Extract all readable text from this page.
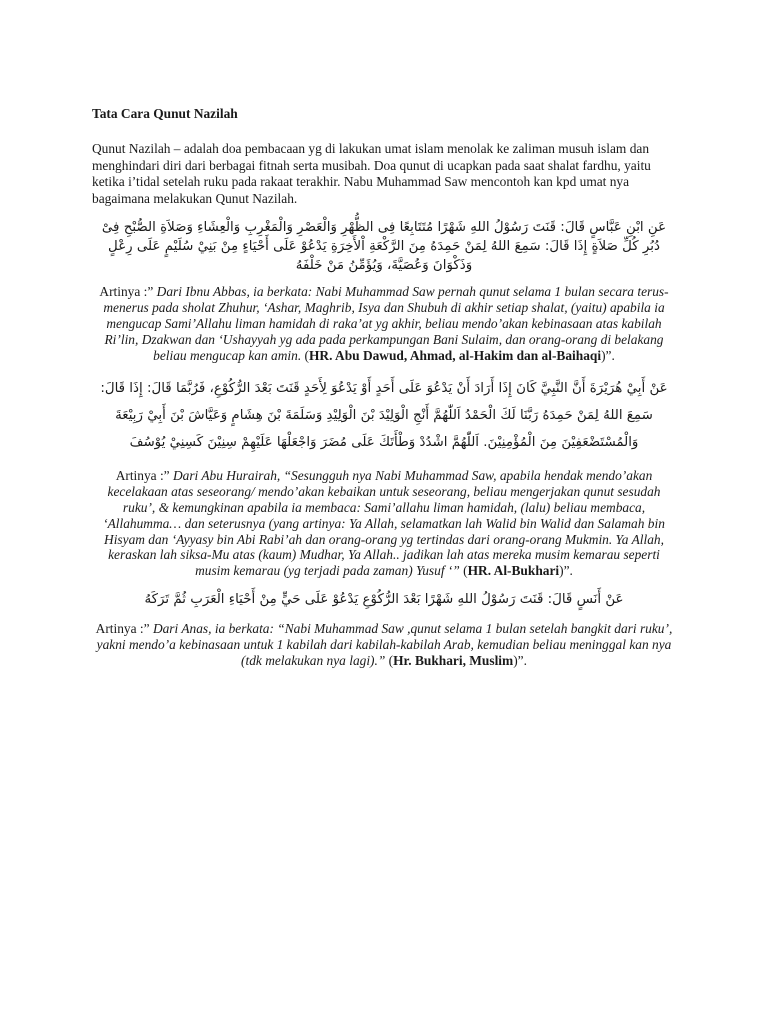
Tata Cara Qunut Nazilah

Qunut Nazilah – adalah doa pembacaan yg di lakukan umat islam menolak ke zaliman musuh islam dan menghindari diri dari berbagai fitnah serta musibah. Doa qunut di ucapkan pada saat shalat fardhu, yaitu ketika i’tidal setelah ruku pada rakaat terakhir. Nabu Muhammad Saw mencontoh kan kpd umat nya bagaimana melakukan Qunut Nazilah.

عَنِ ابْنِ عَبَّاسٍ قَالَ: قَنَتَ رَسُوْلُ اللهِ شَهْرًا مُتَتَابِعًا فِى الظُّهْرِ وَالْعَصْرِ وَالْمَغْرِبِ وَالْعِشَاءِ وَصَلاَةِ الصُّبْحِ فِىْ دُبُرِ كُلِّ صَلاَةٍ إِذَا قَالَ: سَمِعَ اللهُ لِمَنْ حَمِدَهُ مِنَ الرَّكْعَةِ اْلأَخِرَةِ يَدْعُوْ عَلَى أَحْيَاءٍ مِنْ بَنِيْ سُلَيْمٍ عَلَى رِعْلٍ وَذَكْوَانَ وَعُصَيَّةَ، وَيُؤَمِّنُ مَنْ خَلْفَهُ

Artinya :” Dari Ibnu Abbas, ia berkata: Nabi Muhammad Saw pernah qunut selama 1 bulan secara terus-menerus pada sholat Zhuhur, ‘Ashar, Maghrib, Isya dan Shubuh di akhir setiap shalat, (yaitu) apabila ia mengucap Sami’Allahu liman hamidah di raka’at yg akhir, beliau mendo’akan kebinasaan atas kabilah Ri’lin, Dzakwan dan ‘Ushayyah yg ada pada perkampungan Bani Sulaim, dan orang-orang di belakang beliau mengucap kan amin. (HR. Abu Dawud, Ahmad, al-Hakim dan al-Baihaqi)”.

عَنْ أَبِيْ هُرَيْرَةَ أَنَّ النَّبِيَّ كَانَ إِذَا أَرَادَ أَنْ يَدْعُوَ عَلَى أَحَدٍ أَوْ يَدْعُوَ لِأَحَدٍ قَنَتَ بَعْدَ الرُّكُوْعِ، فَرُبَّمَا قَالَ: إِذَا قَالَ: سَمِعَ اللهُ لِمَنْ حَمِدَهُ رَبَّنَا لَكَ الْحَمْدُ اَللّٰهُمَّ أَنْجِ الْوَلِيْدَ بْنَ الْوَلِيْدِ وَسَلَمَةَ بْنَ هِشَامٍ وَعَيَّاشَ بْنَ أَبِيْ رَبِيْعَةَ وَالْمُسْتَضْعَفِيْنَ مِنَ الْمُؤْمِنِيْنَ. اَللّٰهُمَّ اشْدُدْ وَطْأَتَكَ عَلَى مُضَرَ وَاجْعَلْهَا عَلَيْهِمْ سِنِيْنَ كَسِنِيْ يُوْسُفَ

Artinya :” Dari Abu Hurairah, “Sesungguh nya Nabi Muhammad Saw, apabila hendak mendo’akan kecelakaan atas seseorang/ mendo’akan kebaikan untuk seseorang, beliau mengerjakan qunut sesudah ruku’, & kemungkinan apabila ia membaca: Sami’allahu liman hamidah, (lalu) beliau membaca, ‘Allahumma… dan seterusnya (yang artinya: Ya Allah, selamatkan lah Walid bin Walid dan Salamah bin Hisyam dan ‘Ayyasy bin Abi Rabi’ah dan orang-orang yg tertindas dari orang-orang Mukmin. Ya Allah, keraskan lah siksa-Mu atas (kaum) Mudhar, Ya Allah.. jadikan lah atas mereka musim kemarau seperti musim kemarau (yg terjadi pada zaman) Yusuf ‘” (HR. Al-Bukhari)”.

عَنْ أَنَسٍ قَالَ: قَنَتَ رَسُوْلُ اللهِ شَهْرًا بَعْدَ الرُّكُوْعِ يَدْعُوْ عَلَى حَيٍّ مِنْ أَحْيَاءِ الْعَرَبِ ثُمَّ تَرَكَهُ

Artinya :” Dari Anas, ia berkata: “Nabi Muhammad Saw ,qunut selama 1 bulan setelah bangkit dari ruku’, yakni mendo’a kebinasaan untuk 1 kabilah dari kabilah-kabilah Arab, kemudian beliau meninggal kan nya (tdk melakukan nya lagi).” (Hr. Bukhari, Muslim)”.
